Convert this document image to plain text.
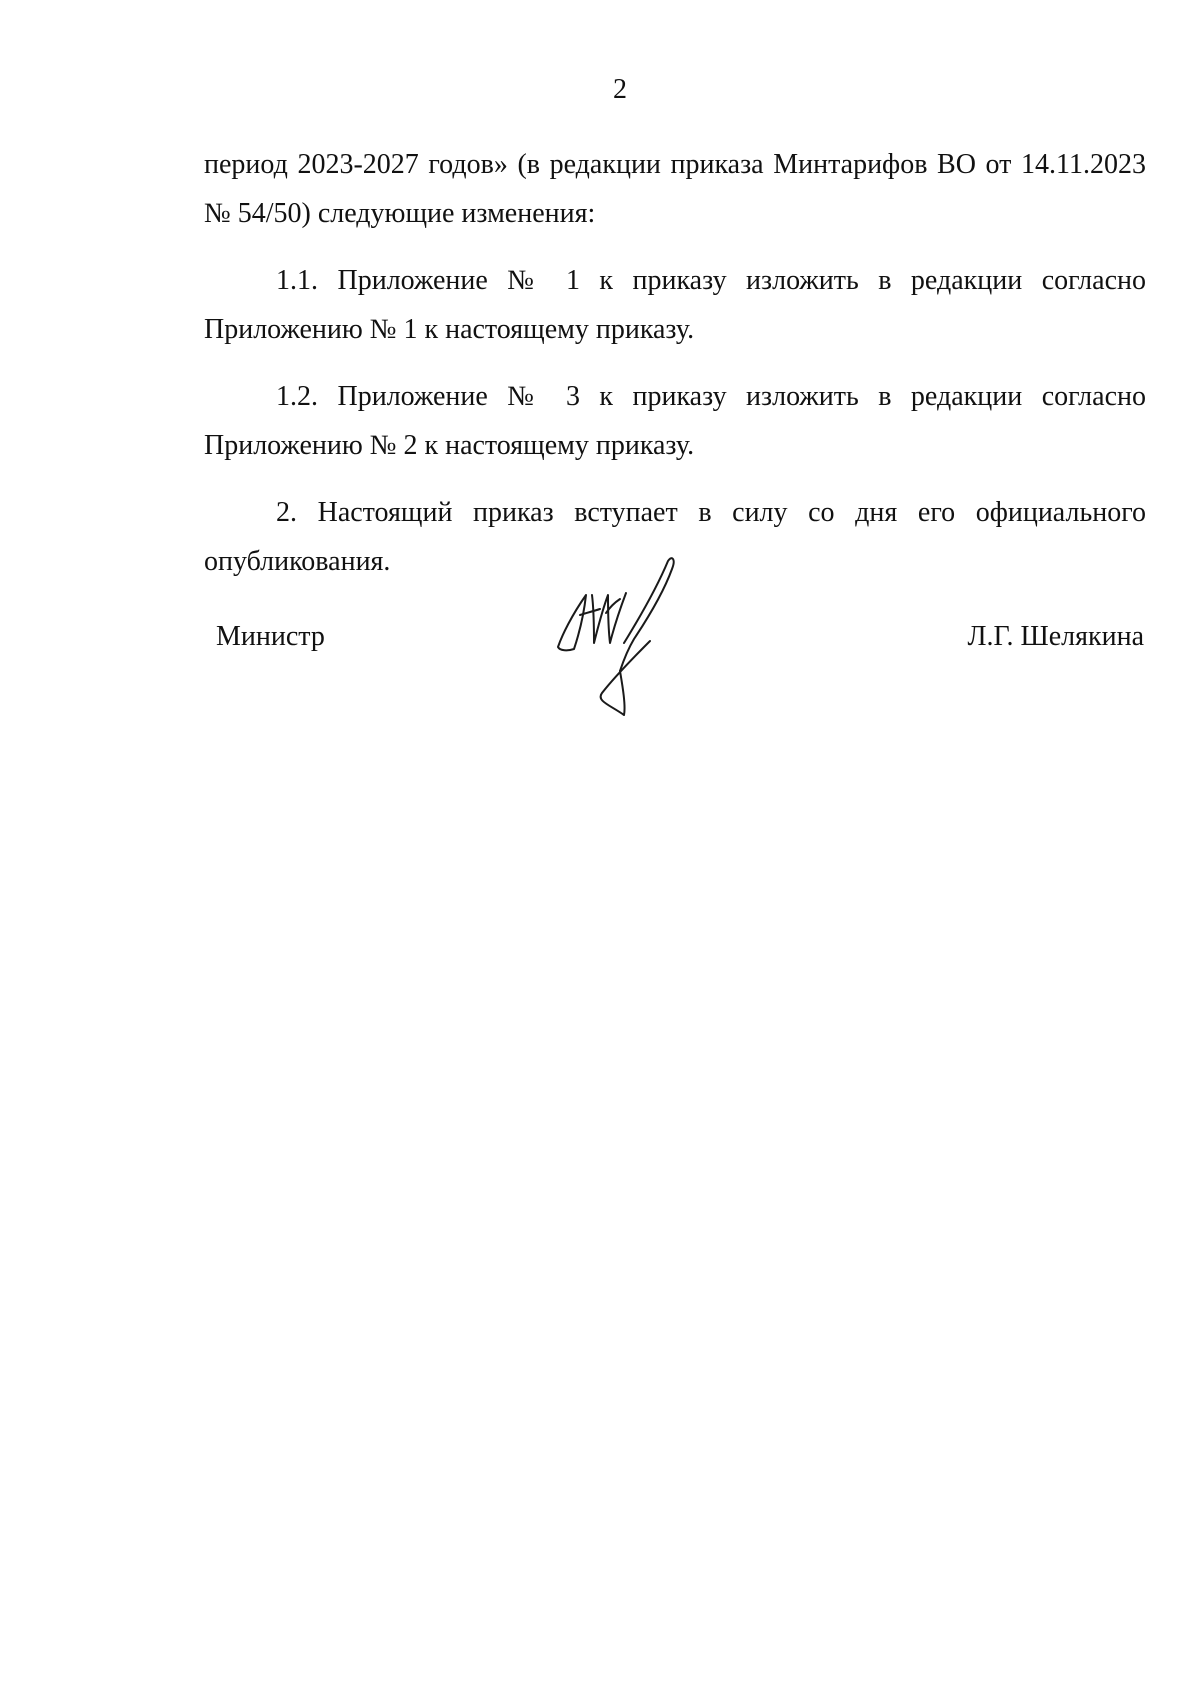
2

период 2023-2027 годов» (в редакции приказа Минтарифов ВО от 14.11.2023 № 54/50) следующие изменения:

1.1. Приложение № 1 к приказу изложить в редакции согласно Приложению № 1 к настоящему приказу.

1.2. Приложение № 3 к приказу изложить в редакции согласно Приложению № 2 к настоящему приказу.

2. Настоящий приказ вступает в силу со дня его официального опубликования.

Министр	Л.Г. Шелякина
